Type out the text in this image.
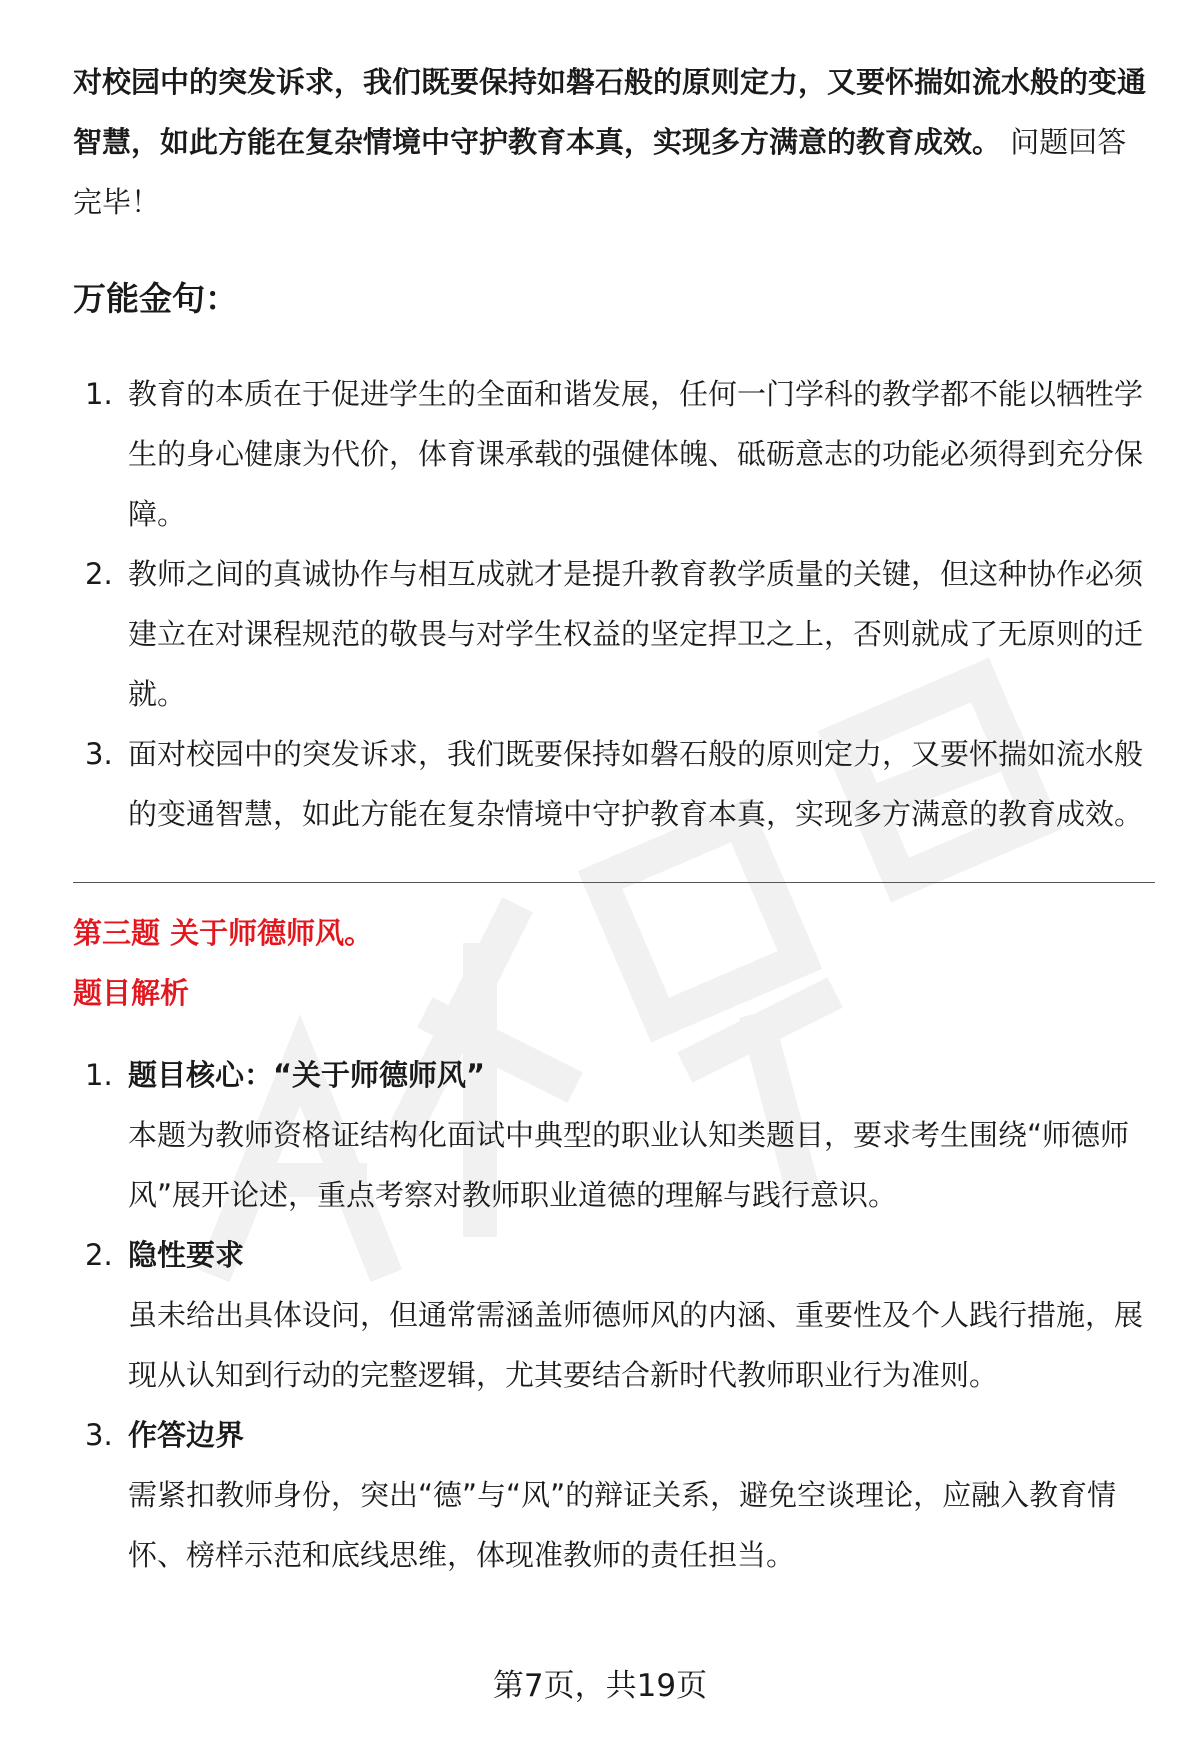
对校园中的突发诉求，我们既要保持如磐石般的原则定力，又要怀揣如流水般的变通智慧，如此方能在复杂情境中守护教育本真，实现多方满意的教育成效。 问题回答完毕！

万能金句：
1. 教育的本质在于促进学生的全面和谐发展，任何一门学科的教学都不能以牺牲学生的身心健康为代价，体育课承载的强健体魄、砥砺意志的功能必须得到充分保障。
2. 教师之间的真诚协作与相互成就才是提升教育教学质量的关键，但这种协作必须建立在对课程规范的敬畏与对学生权益的坚定捍卫之上，否则就成了无原则的迁就。
3. 面对校园中的突发诉求，我们既要保持如磐石般的原则定力，又要怀揣如流水般的变通智慧，如此方能在复杂情境中守护教育本真，实现多方满意的教育成效。

第三题 关于师德师风。

题目解析

1. 题目核心：“关于师德师风”
本题为教师资格证结构化面试中典型的职业认知类题目，要求考生围绕“师德师风”展开论述，重点考察对教师职业道德的理解与践行意识。
2. 隐性要求
虽未给出具体设问，但通常需涵盖师德师风的内涵、重要性及个人践行措施，展现从认知到行动的完整逻辑，尤其要结合新时代教师职业行为准则。
3. 作答边界
需紧扣教师身份，突出“德”与“风”的辩证关系，避免空谈理论，应融入教育情怀、榜样示范和底线思维，体现准教师的责任担当。
第7页，共19页
